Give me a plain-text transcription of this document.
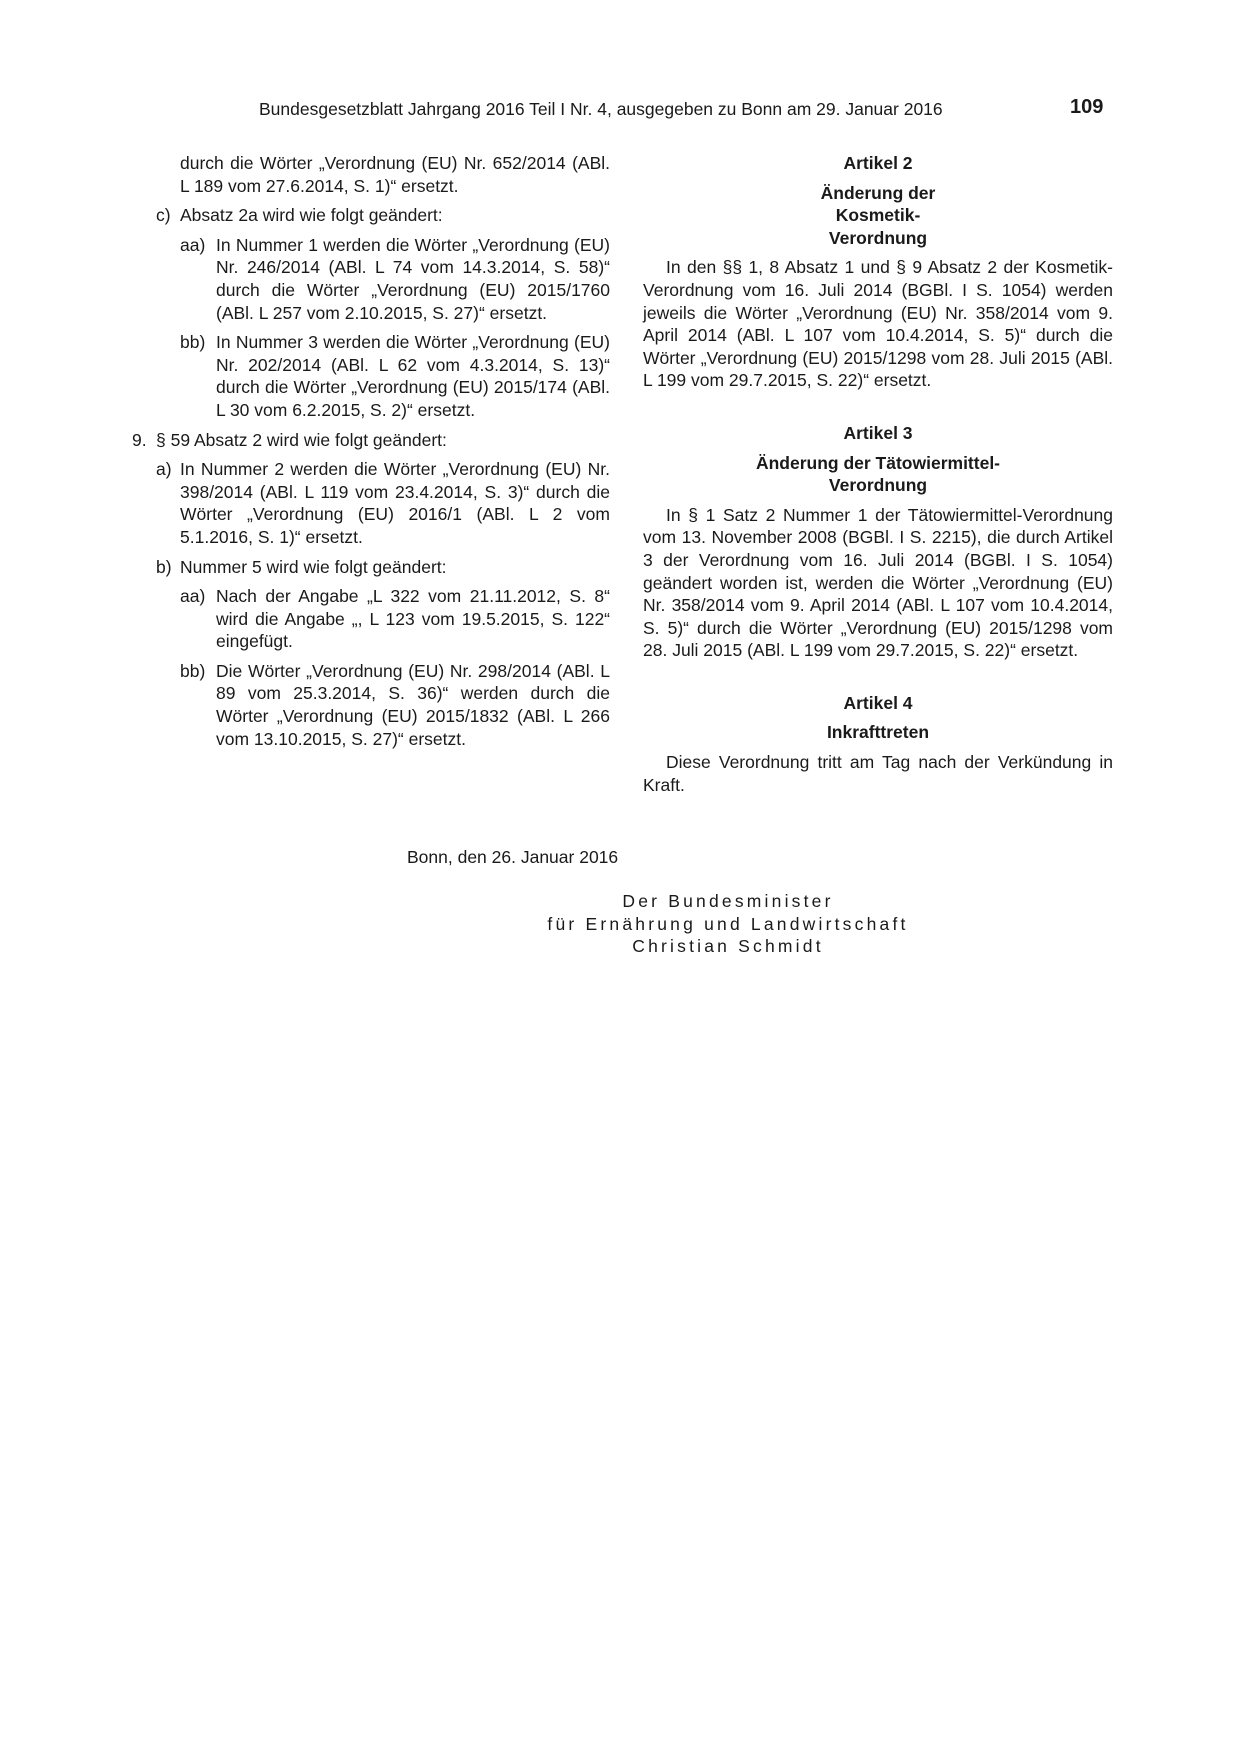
Bundesgesetzblatt Jahrgang 2016 Teil I Nr. 4, ausgegeben zu Bonn am 29. Januar 2016	109

durch die Wörter „Verordnung (EU) Nr. 652/2014 (ABl. L 189 vom 27.6.2014, S. 1)“ ersetzt.

c) Absatz 2a wird wie folgt geändert:

aa) In Nummer 1 werden die Wörter „Verordnung (EU) Nr. 246/2014 (ABl. L 74 vom 14.3.2014, S. 58)“ durch die Wörter „Verordnung (EU) 2015/1760 (ABl. L 257 vom 2.10.2015, S. 27)“ ersetzt.

bb) In Nummer 3 werden die Wörter „Verordnung (EU) Nr. 202/2014 (ABl. L 62 vom 4.3.2014, S. 13)“ durch die Wörter „Verordnung (EU) 2015/174 (ABl. L 30 vom 6.2.2015, S. 2)“ ersetzt.

9. § 59 Absatz 2 wird wie folgt geändert:

a) In Nummer 2 werden die Wörter „Verordnung (EU) Nr. 398/2014 (ABl. L 119 vom 23.4.2014, S. 3)“ durch die Wörter „Verordnung (EU) 2016/1 (ABl. L 2 vom 5.1.2016, S. 1)“ ersetzt.

b) Nummer 5 wird wie folgt geändert:

aa) Nach der Angabe „L 322 vom 21.11.2012, S. 8“ wird die Angabe „, L 123 vom 19.5.2015, S. 122“ eingefügt.

bb) Die Wörter „Verordnung (EU) Nr. 298/2014 (ABl. L 89 vom 25.3.2014, S. 36)“ werden durch die Wörter „Verordnung (EU) 2015/1832 (ABl. L 266 vom 13.10.2015, S. 27)“ ersetzt.

Artikel 2

Änderung der Kosmetik-Verordnung

In den §§ 1, 8 Absatz 1 und § 9 Absatz 2 der Kosmetik-Verordnung vom 16. Juli 2014 (BGBl. I S. 1054) werden jeweils die Wörter „Verordnung (EU) Nr. 358/2014 vom 9. April 2014 (ABl. L 107 vom 10.4.2014, S. 5)“ durch die Wörter „Verordnung (EU) 2015/1298 vom 28. Juli 2015 (ABl. L 199 vom 29.7.2015, S. 22)“ ersetzt.

Artikel 3

Änderung der Tätowiermittel-Verordnung

In § 1 Satz 2 Nummer 1 der Tätowiermittel-Verordnung vom 13. November 2008 (BGBl. I S. 2215), die durch Artikel 3 der Verordnung vom 16. Juli 2014 (BGBl. I S. 1054) geändert worden ist, werden die Wörter „Verordnung (EU) Nr. 358/2014 vom 9. April 2014 (ABl. L 107 vom 10.4.2014, S. 5)“ durch die Wörter „Verordnung (EU) 2015/1298 vom 28. Juli 2015 (ABl. L 199 vom 29.7.2015, S. 22)“ ersetzt.

Artikel 4

Inkrafttreten

Diese Verordnung tritt am Tag nach der Verkündung in Kraft.

Bonn, den 26. Januar 2016
Der Bundesminister
für Ernährung und Landwirtschaft
Christian Schmidt
